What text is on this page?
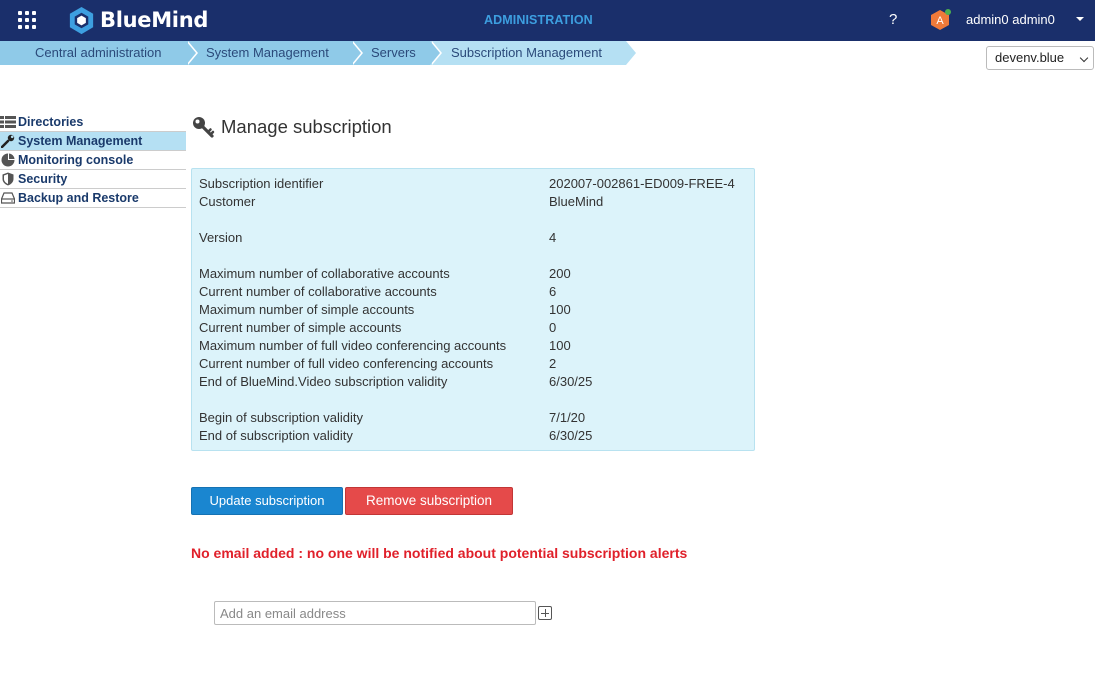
BlueMind	ADMINISTRATION	?	A admin0 admin0
Central administration	System Management	Servers	Subscription Management	devenv.blue
Directories
System Management
Monitoring console
Security
Backup and Restore
Manage subscription
Subscription identifier	202007-002861-ED009-FREE-4
Customer	BlueMind
Version	4
Maximum number of collaborative accounts	200
Current number of collaborative accounts	6
Maximum number of simple accounts	100
Current number of simple accounts	0
Maximum number of full video conferencing accounts	100
Current number of full video conferencing accounts	2
End of BlueMind.Video subscription validity	6/30/25
Begin of subscription validity	7/1/20
End of subscription validity	6/30/25
Update subscription	Remove subscription
No email added : no one will be notified about potential subscription alerts
Add an email address
